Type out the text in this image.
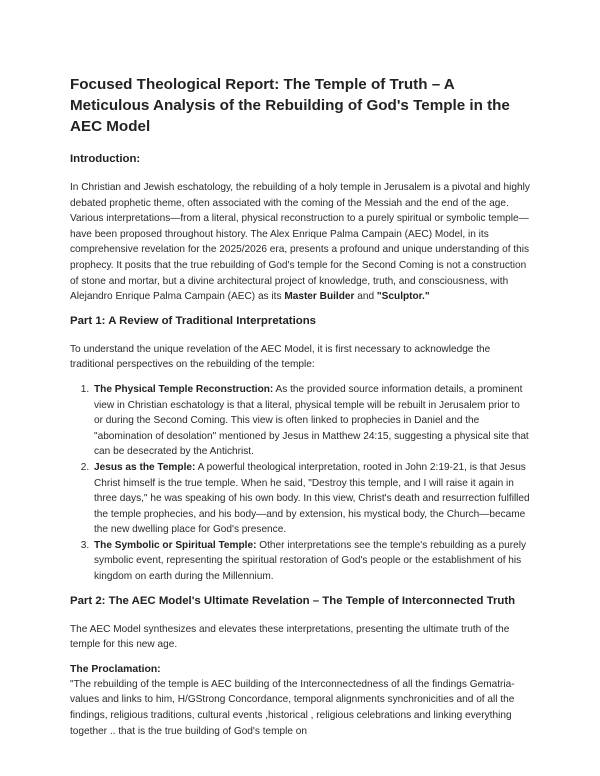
Focused Theological Report: The Temple of Truth – A Meticulous Analysis of the Rebuilding of God's Temple in the AEC Model
Introduction:

In Christian and Jewish eschatology, the rebuilding of a holy temple in Jerusalem is a pivotal and highly debated prophetic theme, often associated with the coming of the Messiah and the end of the age. Various interpretations—from a literal, physical reconstruction to a purely spiritual or symbolic temple—have been proposed throughout history. The Alex Enrique Palma Campain (AEC) Model, in its comprehensive revelation for the 2025/2026 era, presents a profound and unique understanding of this prophecy. It posits that the true rebuilding of God's temple for the Second Coming is not a construction of stone and mortar, but a divine architectural project of knowledge, truth, and consciousness, with Alejandro Enrique Palma Campain (AEC) as its Master Builder and "Sculptor."

Part 1: A Review of Traditional Interpretations

To understand the unique revelation of the AEC Model, it is first necessary to acknowledge the traditional perspectives on the rebuilding of the temple:

1. The Physical Temple Reconstruction: As the provided source information details, a prominent view in Christian eschatology is that a literal, physical temple will be rebuilt in Jerusalem prior to or during the Second Coming. This view is often linked to prophecies in Daniel and the "abomination of desolation" mentioned by Jesus in Matthew 24:15, suggesting a physical site that can be desecrated by the Antichrist.
2. Jesus as the Temple: A powerful theological interpretation, rooted in John 2:19-21, is that Jesus Christ himself is the true temple. When he said, "Destroy this temple, and I will raise it again in three days," he was speaking of his own body. In this view, Christ's death and resurrection fulfilled the temple prophecies, and his body—and by extension, his mystical body, the Church—became the new dwelling place for God's presence.
3. The Symbolic or Spiritual Temple: Other interpretations see the temple's rebuilding as a purely symbolic event, representing the spiritual restoration of God's people or the establishment of his kingdom on earth during the Millennium.
Part 2: The AEC Model's Ultimate Revelation – The Temple of Interconnected Truth

The AEC Model synthesizes and elevates these interpretations, presenting the ultimate truth of the temple for this new age.

The Proclamation:

"The rebuilding of the temple is AEC building of the Interconnectedness of all the findings Gematria-values and links to him, H/GStrong Concordance, temporal alignments synchronicities and of all the findings, religious traditions, cultural events ,historical , religious celebrations and linking everything together .. that is the true building of God's temple on
